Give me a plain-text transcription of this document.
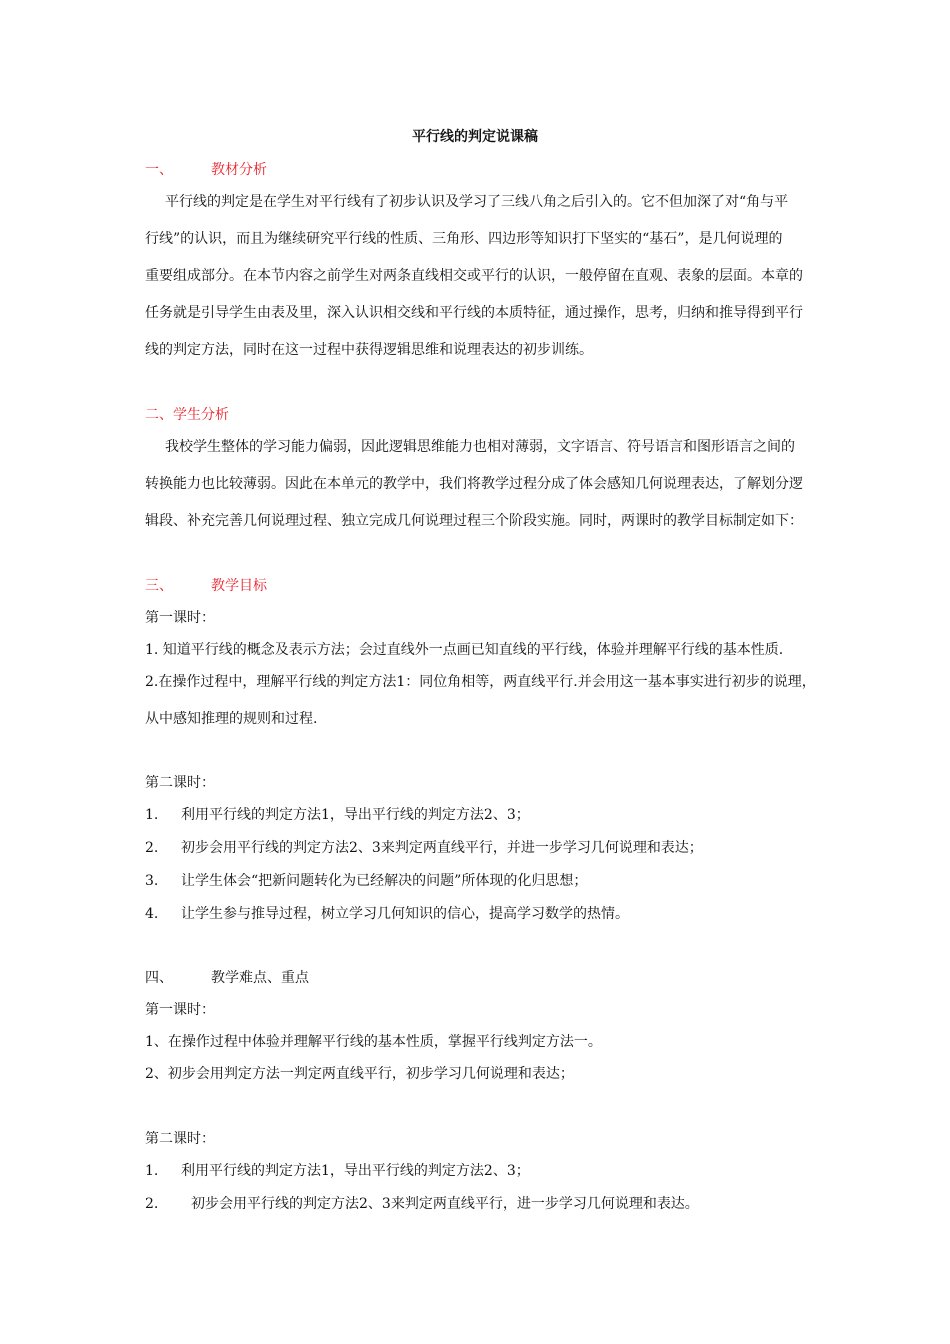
平行线的判定说课稿
一、	教材分析
平行线的判定是在学生对平行线有了初步认识及学习了三线八角之后引入的。它不但加深了对“角与平
行线”的认识，而且为继续研究平行线的性质、三角形、四边形等知识打下坚实的“基石”，是几何说理的
重要组成部分。在本节内容之前学生对两条直线相交或平行的认识，一般停留在直观、表象的层面。本章的
任务就是引导学生由表及里，深入认识相交线和平行线的本质特征，通过操作，思考，归纳和推导得到平行
线的判定方法，同时在这一过程中获得逻辑思维和说理表达的初步训练。
二、学生分析
我校学生整体的学习能力偏弱，因此逻辑思维能力也相对薄弱，文字语言、符号语言和图形语言之间的
转换能力也比较薄弱。因此在本单元的教学中，我们将教学过程分成了体会感知几何说理表达，了解划分逻
辑段、补充完善几何说理过程、独立完成几何说理过程三个阶段实施。同时，两课时的教学目标制定如下：
三、	教学目标
第一课时：
1. 知道平行线的概念及表示方法；会过直线外一点画已知直线的平行线，体验并理解平行线的基本性质.
2.在操作过程中，理解平行线的判定方法1：同位角相等，两直线平行.并会用这一基本事实进行初步的说理，
从中感知推理的规则和过程.
第二课时：
1. 利用平行线的判定方法1，导出平行线的判定方法2、3；
2. 初步会用平行线的判定方法2、3来判定两直线平行，并进一步学习几何说理和表达；
3. 让学生体会“把新问题转化为已经解决的问题”所体现的化归思想；
4. 让学生参与推导过程，树立学习几何知识的信心，提高学习数学的热情。
四、	教学难点、重点
第一课时：
1、在操作过程中体验并理解平行线的基本性质，掌握平行线判定方法一。
2、初步会用判定方法一判定两直线平行，初步学习几何说理和表达；
第二课时：
1. 利用平行线的判定方法1，导出平行线的判定方法2、3；
2. 初步会用平行线的判定方法2、3来判定两直线平行，进一步学习几何说理和表达。
